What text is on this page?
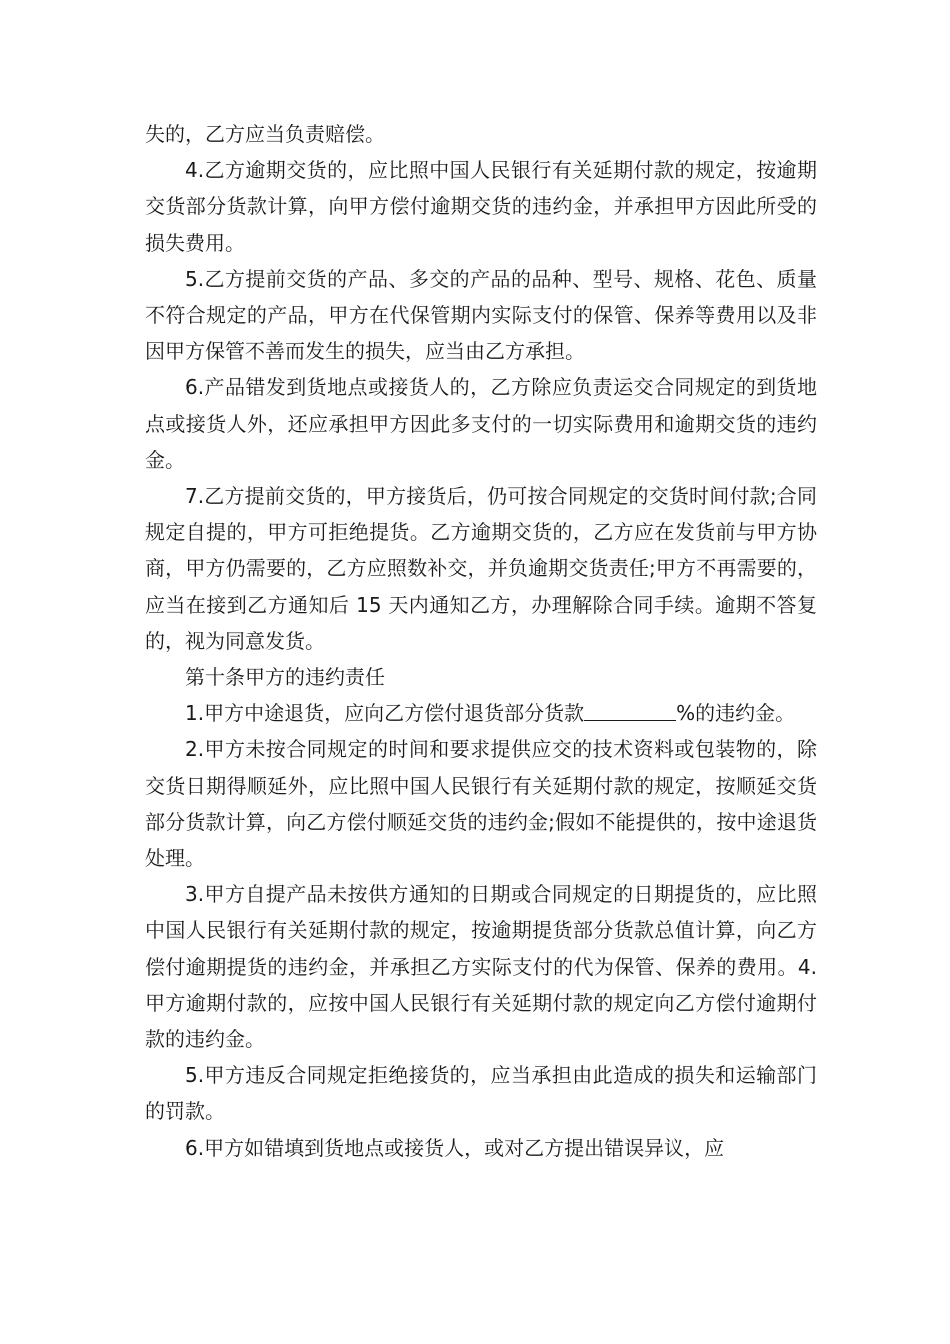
失的，乙方应当负责赔偿。

4.乙方逾期交货的，应比照中国人民银行有关延期付款的规定，按逾期交货部分货款计算，向甲方偿付逾期交货的违约金，并承担甲方因此所受的损失费用。

5.乙方提前交货的产品、多交的产品的品种、型号、规格、花色、质量不符合规定的产品，甲方在代保管期内实际支付的保管、保养等费用以及非因甲方保管不善而发生的损失，应当由乙方承担。

6.产品错发到货地点或接货人的，乙方除应负责运交合同规定的到货地点或接货人外，还应承担甲方因此多支付的一切实际费用和逾期交货的违约金。

7.乙方提前交货的，甲方接货后，仍可按合同规定的交货时间付款;合同规定自提的，甲方可拒绝提货。乙方逾期交货的，乙方应在发货前与甲方协商，甲方仍需要的，乙方应照数补交，并负逾期交货责任;甲方不再需要的，应当在接到乙方通知后 15 天内通知乙方，办理解除合同手续。逾期不答复的，视为同意发货。

第十条甲方的违约责任

1.甲方中途退货，应向乙方偿付退货部分货款	%的违约金。

2.甲方未按合同规定的时间和要求提供应交的技术资料或包装物的，除交货日期得顺延外，应比照中国人民银行有关延期付款的规定，按顺延交货部分货款计算，向乙方偿付顺延交货的违约金;假如不能提供的，按中途退货处理。

3.甲方自提产品未按供方通知的日期或合同规定的日期提货的，应比照中国人民银行有关延期付款的规定，按逾期提货部分货款总值计算，向乙方偿付逾期提货的违约金，并承担乙方实际支付的代为保管、保养的费用。4.甲方逾期付款的，应按中国人民银行有关延期付款的规定向乙方偿付逾期付款的违约金。

5.甲方违反合同规定拒绝接货的，应当承担由此造成的损失和运输部门的罚款。

6.甲方如错填到货地点或接货人，或对乙方提出错误异议，应
